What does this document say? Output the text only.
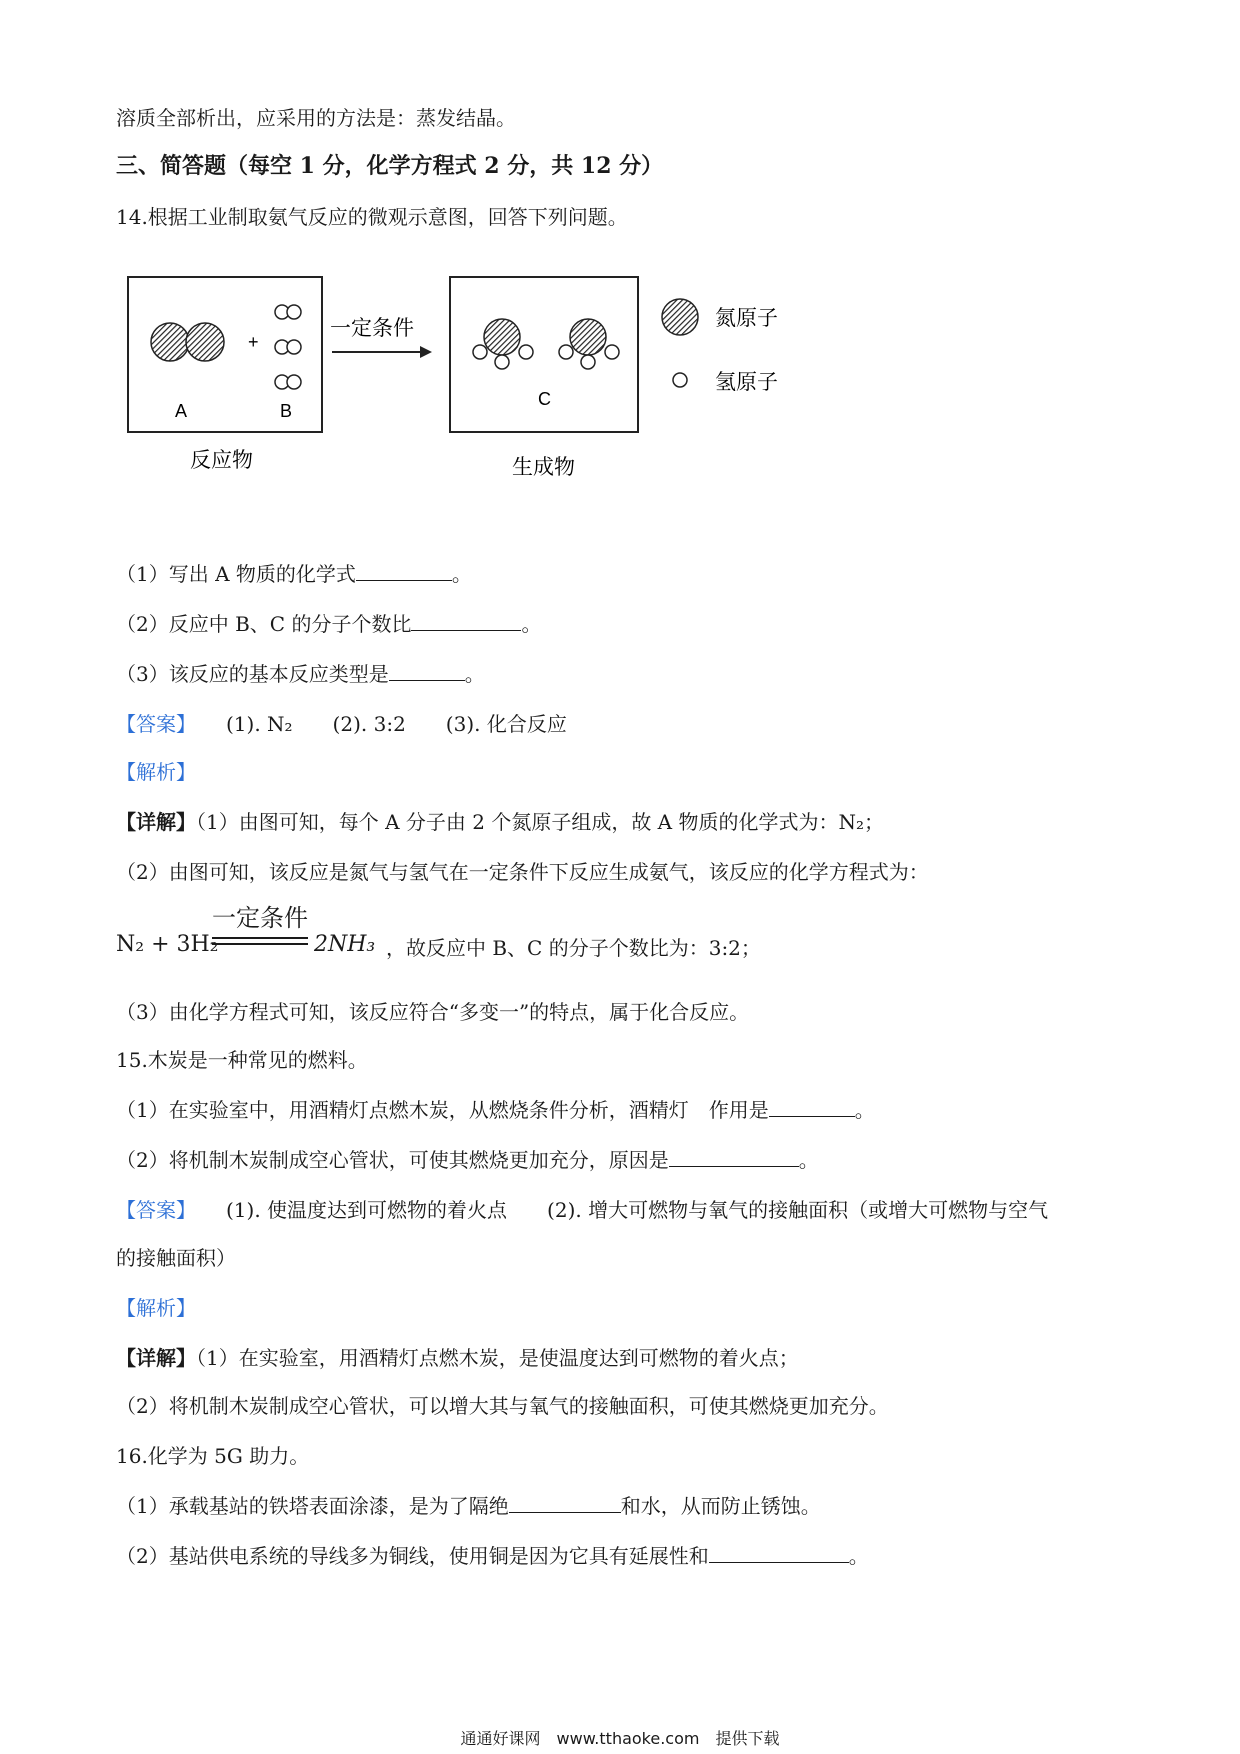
溶质全部析出，应采用的方法是：蒸发结晶。
三、简答题（每空 1 分，化学方程式 2 分，共 12 分）
14.根据工业制取氨气反应的微观示意图，回答下列问题。
+
A	B
反应物
一定条件
C
生成物
氮原子
氢原子
（1）写出 A 物质的化学式	。
（2）反应中 B、C 的分子个数比	。
（3）该反应的基本反应类型是	。
【答案】　　 (1). N₂　　(2). 3:2　　(3). 化合反应
【解析】
【详解】（1）由图可知，每个 A 分子由 2 个氮原子组成，故 A 物质的化学式为：N₂；
（2）由图可知，该反应是氮气与氢气在一定条件下反应生成氨气，该反应的化学方程式为：
N₂ + 3H₂
一定条件
2NH₃ ，故反应中 B、C 的分子个数比为：3:2；
（3）由化学方程式可知，该反应符合“多变一”的特点，属于化合反应。
15.木炭是一种常见的燃料。
（1）在实验室中，用酒精灯点燃木炭，从燃烧条件分析，酒精灯　作用是	。
（2）将机制木炭制成空心管状，可使其燃烧更加充分，原因是	。
【答案】　　 (1). 使温度达到可燃物的着火点　　(2). 增大可燃物与氧气的接触面积（或增大可燃物与空气
的接触面积）
【解析】
【详解】（1）在实验室，用酒精灯点燃木炭，是使温度达到可燃物的着火点；
（2）将机制木炭制成空心管状，可以增大其与氧气的接触面积，可使其燃烧更加充分。
16.化学为 5G 助力。
（1）承载基站的铁塔表面涂漆，是为了隔绝	和水，从而防止锈蚀。
（2）基站供电系统的导线多为铜线，使用铜是因为它具有延展性和	。
通通好课网　www.tthaoke.com　提供下载
